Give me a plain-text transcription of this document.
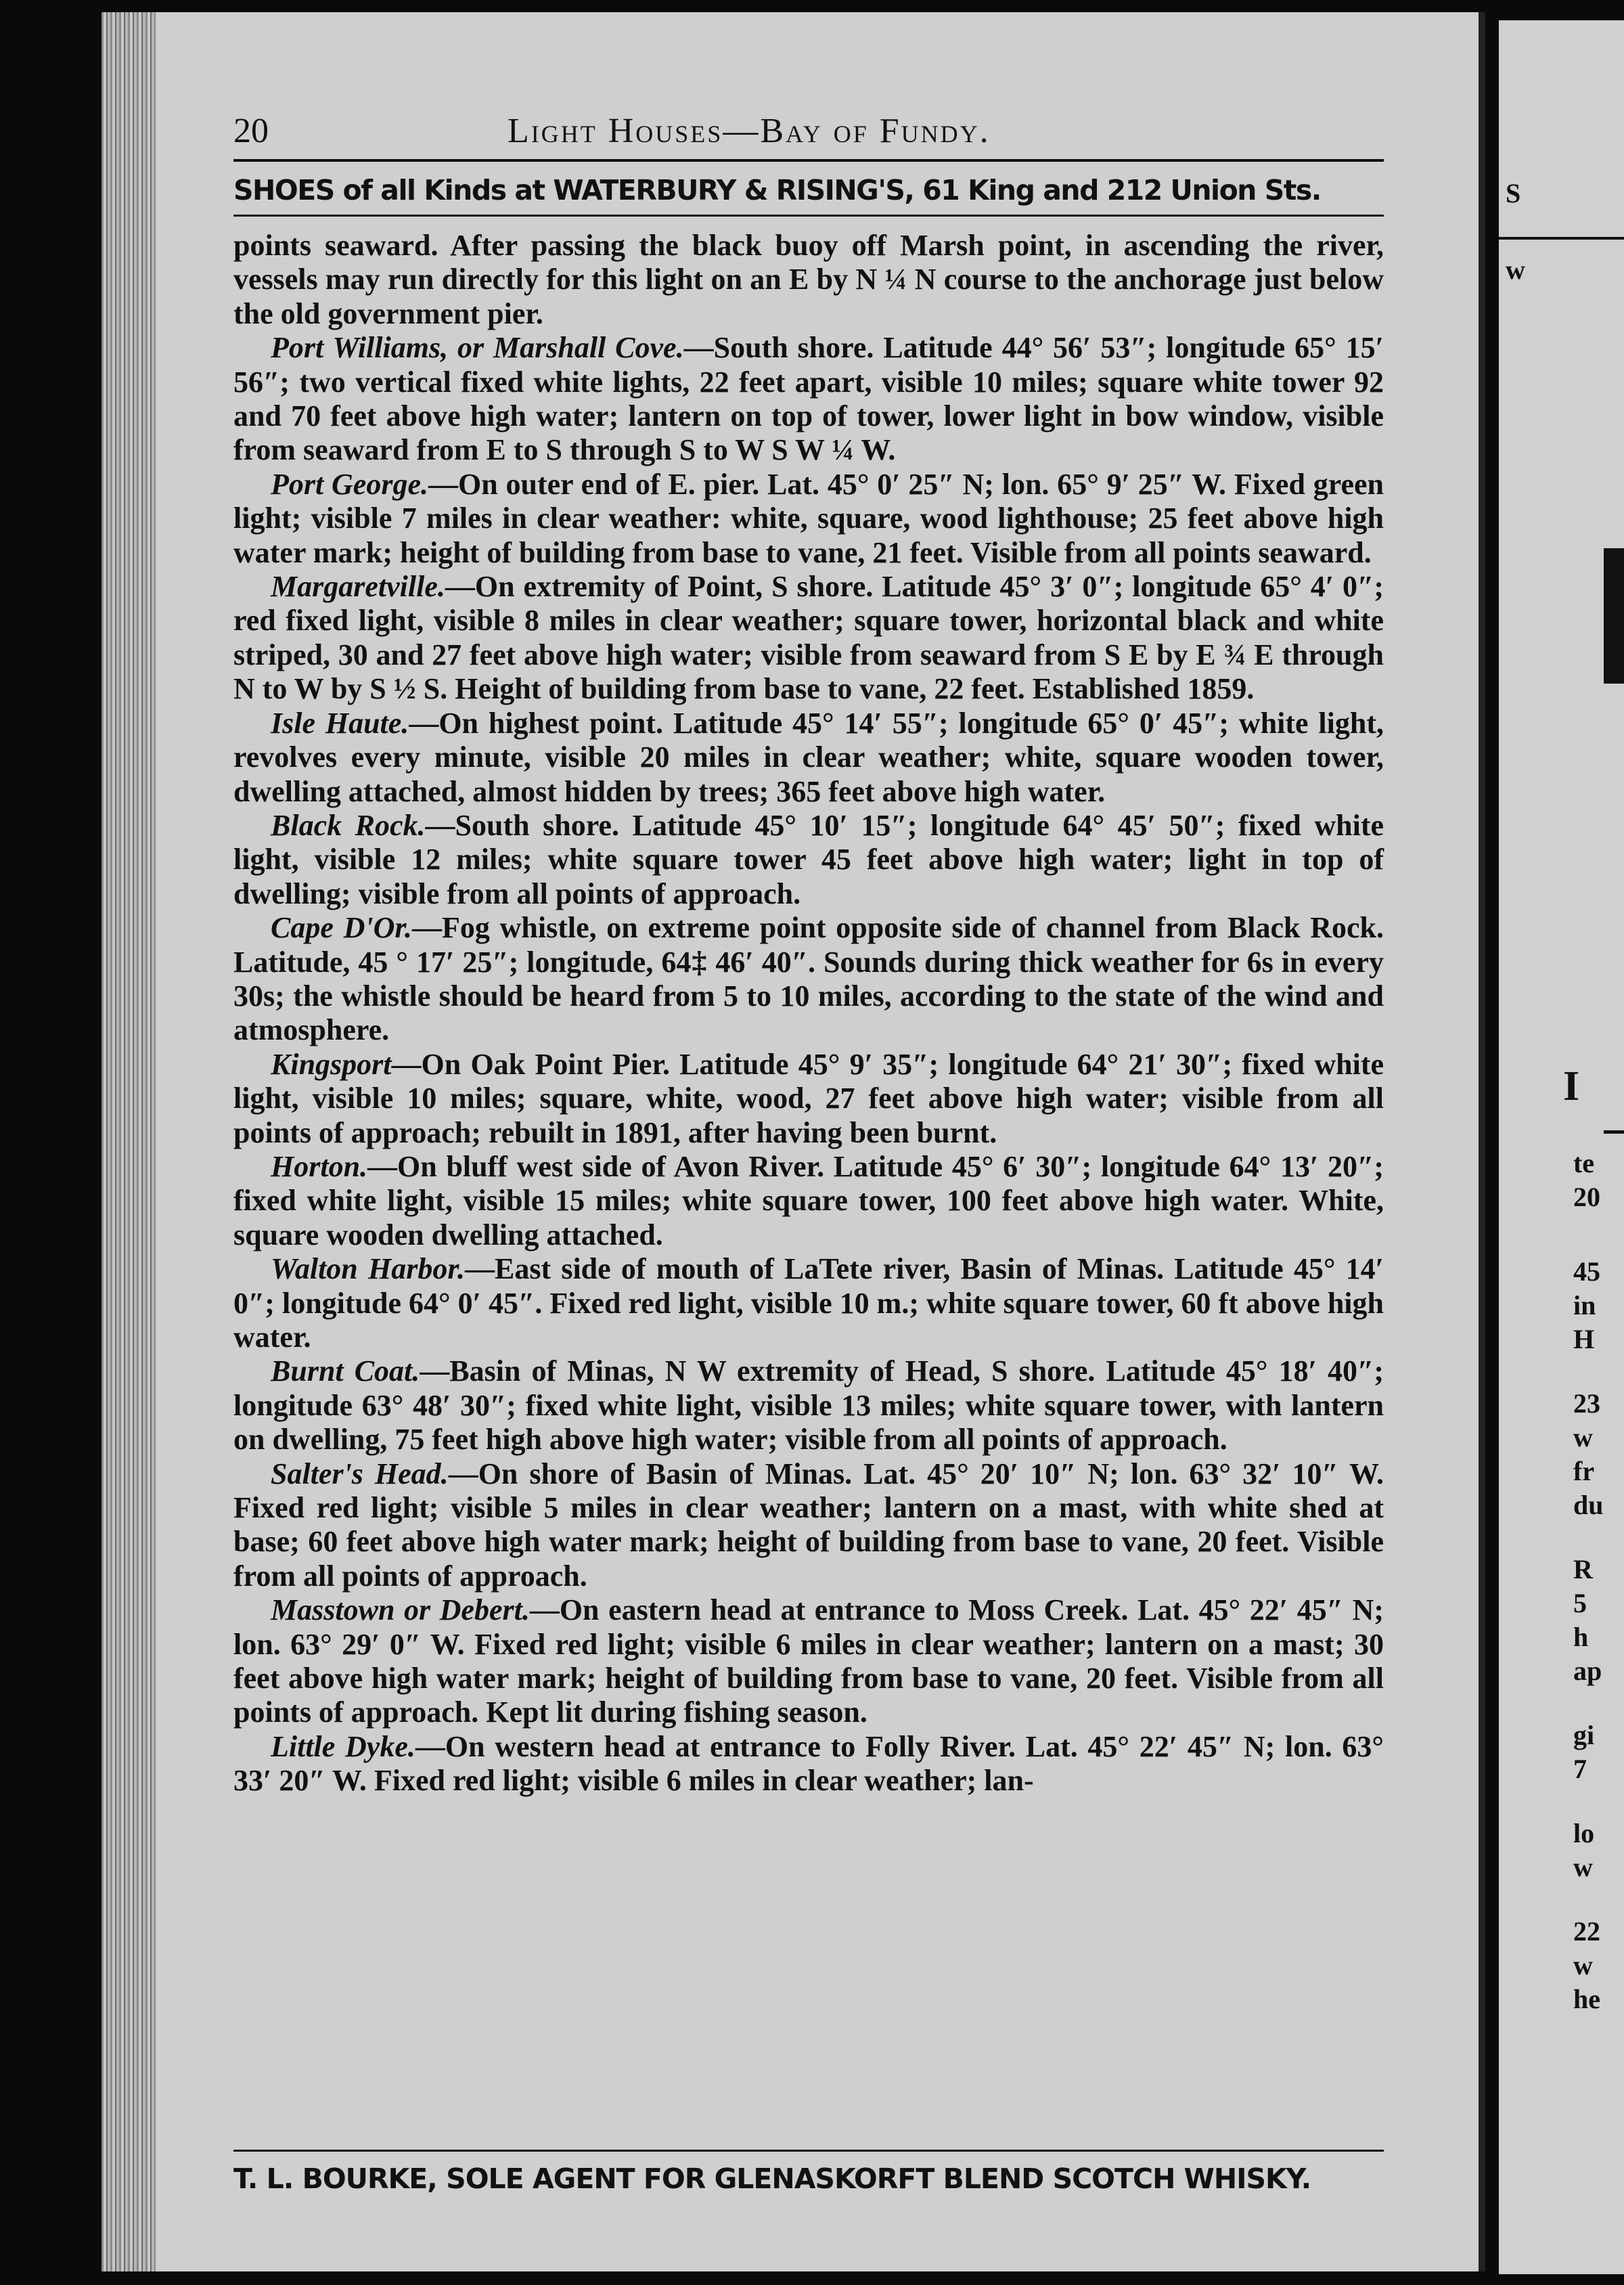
S
w
I
te
20
45
in
H
23
w
fr
du
R
5
h
ap
gi
7
lo
w
22
w
he
20	Light Houses—Bay of Fundy.
SHOES of all Kinds at WATERBURY & RISING'S, 61 King and 212 Union Sts.

points seaward. After passing the black buoy off Marsh point, in ascending the river, vessels may run directly for this light on an E by N ¼ N course to the anchorage just below the old government pier.

Port Williams, or Marshall Cove.—South shore. Latitude 44° 56′ 53″; longitude 65° 15′ 56″; two vertical fixed white lights, 22 feet apart, visible 10 miles; square white tower 92 and 70 feet above high water; lantern on top of tower, lower light in bow window, visible from seaward from E to S through S to W S W ¼ W.

Port George.—On outer end of E. pier. Lat. 45° 0′ 25″ N; lon. 65° 9′ 25″ W. Fixed green light; visible 7 miles in clear weather: white, square, wood lighthouse; 25 feet above high water mark; height of building from base to vane, 21 feet. Visible from all points seaward.

Margaretville.—On extremity of Point, S shore. Latitude 45° 3′ 0″; longitude 65° 4′ 0″; red fixed light, visible 8 miles in clear weather; square tower, horizontal black and white striped, 30 and 27 feet above high water; visible from seaward from S E by E ¾ E through N to W by S ½ S. Height of building from base to vane, 22 feet. Established 1859.

Isle Haute.—On highest point. Latitude 45° 14′ 55″; longitude 65° 0′ 45″; white light, revolves every minute, visible 20 miles in clear weather; white, square wooden tower, dwelling attached, almost hidden by trees; 365 feet above high water.

Black Rock.—South shore. Latitude 45° 10′ 15″; longitude 64° 45′ 50″; fixed white light, visible 12 miles; white square tower 45 feet above high water; light in top of dwelling; visible from all points of approach.

Cape D'Or.—Fog whistle, on extreme point opposite side of channel from Black Rock. Latitude, 45 ° 17′ 25″; longitude, 64‡ 46′ 40″. Sounds during thick weather for 6s in every 30s; the whistle should be heard from 5 to 10 miles, according to the state of the wind and atmosphere.

Kingsport—On Oak Point Pier. Latitude 45° 9′ 35″; longitude 64° 21′ 30″; fixed white light, visible 10 miles; square, white, wood, 27 feet above high water; visible from all points of approach; rebuilt in 1891, after having been burnt.

Horton.—On bluff west side of Avon River. Latitude 45° 6′ 30″; longitude 64° 13′ 20″; fixed white light, visible 15 miles; white square tower, 100 feet above high water. White, square wooden dwelling attached.

Walton Harbor.—East side of mouth of LaTete river, Basin of Minas. Latitude 45° 14′ 0″; longitude 64° 0′ 45″. Fixed red light, visible 10 m.; white square tower, 60 ft above high water.

Burnt Coat.—Basin of Minas, N W extremity of Head, S shore. Latitude 45° 18′ 40″; longitude 63° 48′ 30″; fixed white light, visible 13 miles; white square tower, with lantern on dwelling, 75 feet high above high water; visible from all points of approach.

Salter's Head.—On shore of Basin of Minas. Lat. 45° 20′ 10″ N; lon. 63° 32′ 10″ W. Fixed red light; visible 5 miles in clear weather; lantern on a mast, with white shed at base; 60 feet above high water mark; height of building from base to vane, 20 feet. Visible from all points of approach.

Masstown or Debert.—On eastern head at entrance to Moss Creek. Lat. 45° 22′ 45″ N; lon. 63° 29′ 0″ W. Fixed red light; visible 6 miles in clear weather; lantern on a mast; 30 feet above high water mark; height of building from base to vane, 20 feet. Visible from all points of approach. Kept lit during fishing season.

Little Dyke.—On western head at entrance to Folly River. Lat. 45° 22′ 45″ N; lon. 63° 33′ 20″ W. Fixed red light; visible 6 miles in clear weather; lan-

T. L. BOURKE, SOLE AGENT FOR GLENASKORFT BLEND SCOTCH WHISKY.
